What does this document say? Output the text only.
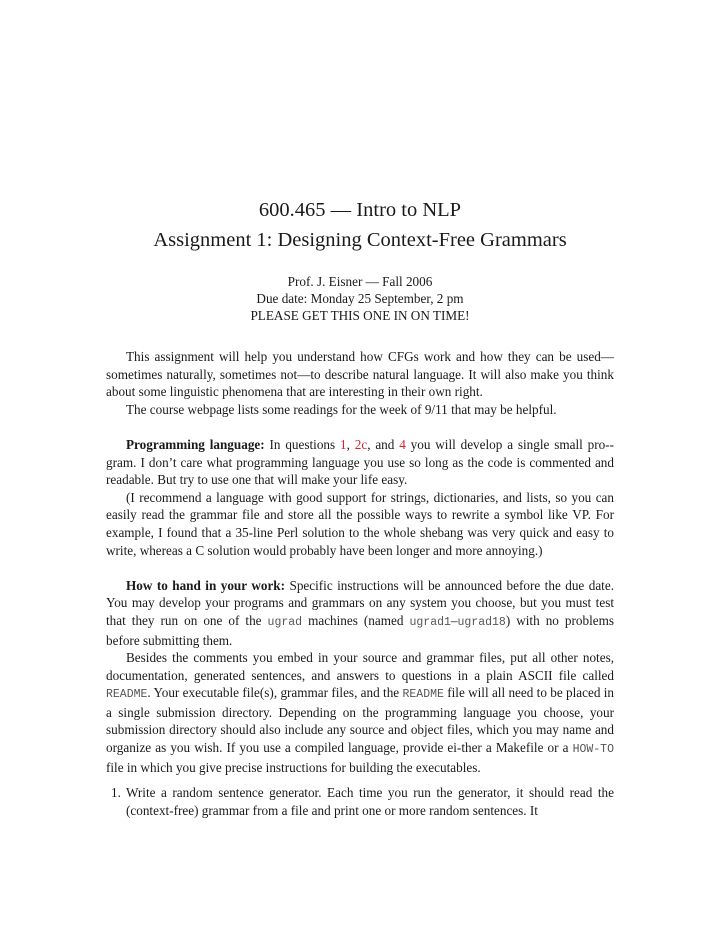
600.465 — Intro to NLP
Assignment 1: Designing Context-Free Grammars
Prof. J. Eisner — Fall 2006
Due date: Monday 25 September, 2 pm
PLEASE GET THIS ONE IN ON TIME!

This assignment will help you understand how CFGs work and how they can be used—sometimes naturally, sometimes not—to describe natural language. It will also make you think about some linguistic phenomena that are interesting in their own right.

The course webpage lists some readings for the week of 9/11 that may be helpful.

Programming language: In questions 1, 2c, and 4 you will develop a single small pro-gram. I don’t care what programming language you use so long as the code is commented and readable. But try to use one that will make your life easy.

(I recommend a language with good support for strings, dictionaries, and lists, so you can easily read the grammar file and store all the possible ways to rewrite a symbol like VP. For example, I found that a 35-line Perl solution to the whole shebang was very quick and easy to write, whereas a C solution would probably have been longer and more annoying.)

How to hand in your work: Specific instructions will be announced before the due date. You may develop your programs and grammars on any system you choose, but you must test that they run on one of the ugrad machines (named ugrad1–ugrad18) with no problems before submitting them.

Besides the comments you embed in your source and grammar files, put all other notes, documentation, generated sentences, and answers to questions in a plain ASCII file called README. Your executable file(s), grammar files, and the README file will all need to be placed in a single submission directory. Depending on the programming language you choose, your submission directory should also include any source and object files, which you may name and organize as you wish. If you use a compiled language, provide ei-ther a Makefile or a HOW-TO file in which you give precise instructions for building the executables.

1. Write a random sentence generator. Each time you run the generator, it should read the (context-free) grammar from a file and print one or more random sentences. It
